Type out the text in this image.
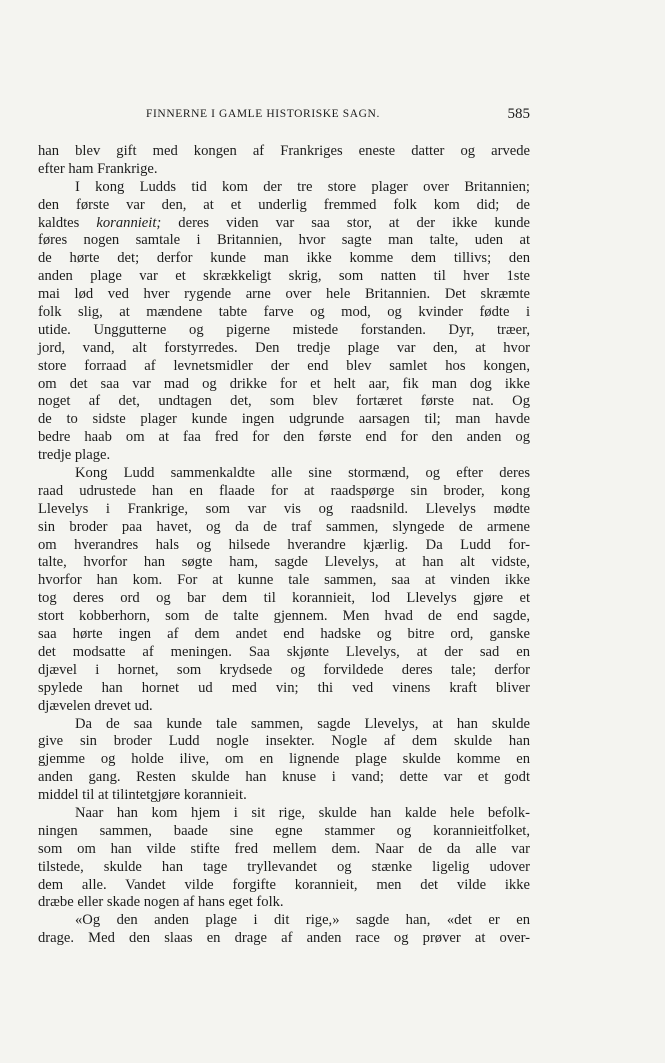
FINNERNE I GAMLE HISTORISKE SAGN.	585
han blev gift med kongen af Frankriges eneste datter og arvede
efter ham Frankrige.
I kong Ludds tid kom der tre store plager over Britannien;
den første var den, at et underlig fremmed folk kom did; de
kaldtes korannieit; deres viden var saa stor, at der ikke kunde
føres nogen samtale i Britannien, hvor sagte man talte, uden at
de hørte det; derfor kunde man ikke komme dem tillivs; den
anden plage var et skrækkeligt skrig, som natten til hver 1ste
mai lød ved hver rygende arne over hele Britannien. Det skræmte
folk slig, at mændene tabte farve og mod, og kvinder fødte i
utide. Unggutterne og pigerne mistede forstanden. Dyr, træer,
jord, vand, alt forstyrredes. Den tredje plage var den, at hvor
store forraad af levnetsmidler der end blev samlet hos kongen,
om det saa var mad og drikke for et helt aar, fik man dog ikke
noget af det, undtagen det, som blev fortæret første nat. Og
de to sidste plager kunde ingen udgrunde aarsagen til; man havde
bedre haab om at faa fred for den første end for den anden og
tredje plage.
Kong Ludd sammenkaldte alle sine stormænd, og efter deres
raad udrustede han en flaade for at raadspørge sin broder, kong
Llevelys i Frankrige, som var vis og raadsnild. Llevelys mødte
sin broder paa havet, og da de traf sammen, slyngede de armene
om hverandres hals og hilsede hverandre kjærlig. Da Ludd for-
talte, hvorfor han søgte ham, sagde Llevelys, at han alt vidste,
hvorfor han kom. For at kunne tale sammen, saa at vinden ikke
tog deres ord og bar dem til korannieit, lod Llevelys gjøre et
stort kobberhorn, som de talte gjennem. Men hvad de end sagde,
saa hørte ingen af dem andet end hadske og bitre ord, ganske
det modsatte af meningen. Saa skjønte Llevelys, at der sad en
djævel i hornet, som krydsede og forvildede deres tale; derfor
spylede han hornet ud med vin; thi ved vinens kraft bliver
djævelen drevet ud.
Da de saa kunde tale sammen, sagde Llevelys, at han skulde
give sin broder Ludd nogle insekter. Nogle af dem skulde han
gjemme og holde ilive, om en lignende plage skulde komme en
anden gang. Resten skulde han knuse i vand; dette var et godt
middel til at tilintetgjøre korannieit.
Naar han kom hjem i sit rige, skulde han kalde hele befolk-
ningen sammen, baade sine egne stammer og korannieitfolket,
som om han vilde stifte fred mellem dem. Naar de da alle var
tilstede, skulde han tage tryllevandet og stænke ligelig udover
dem alle. Vandet vilde forgifte korannieit, men det vilde ikke
dræbe eller skade nogen af hans eget folk.
«Og den anden plage i dit rige,» sagde han, «det er en
drage. Med den slaas en drage af anden race og prøver at over-
